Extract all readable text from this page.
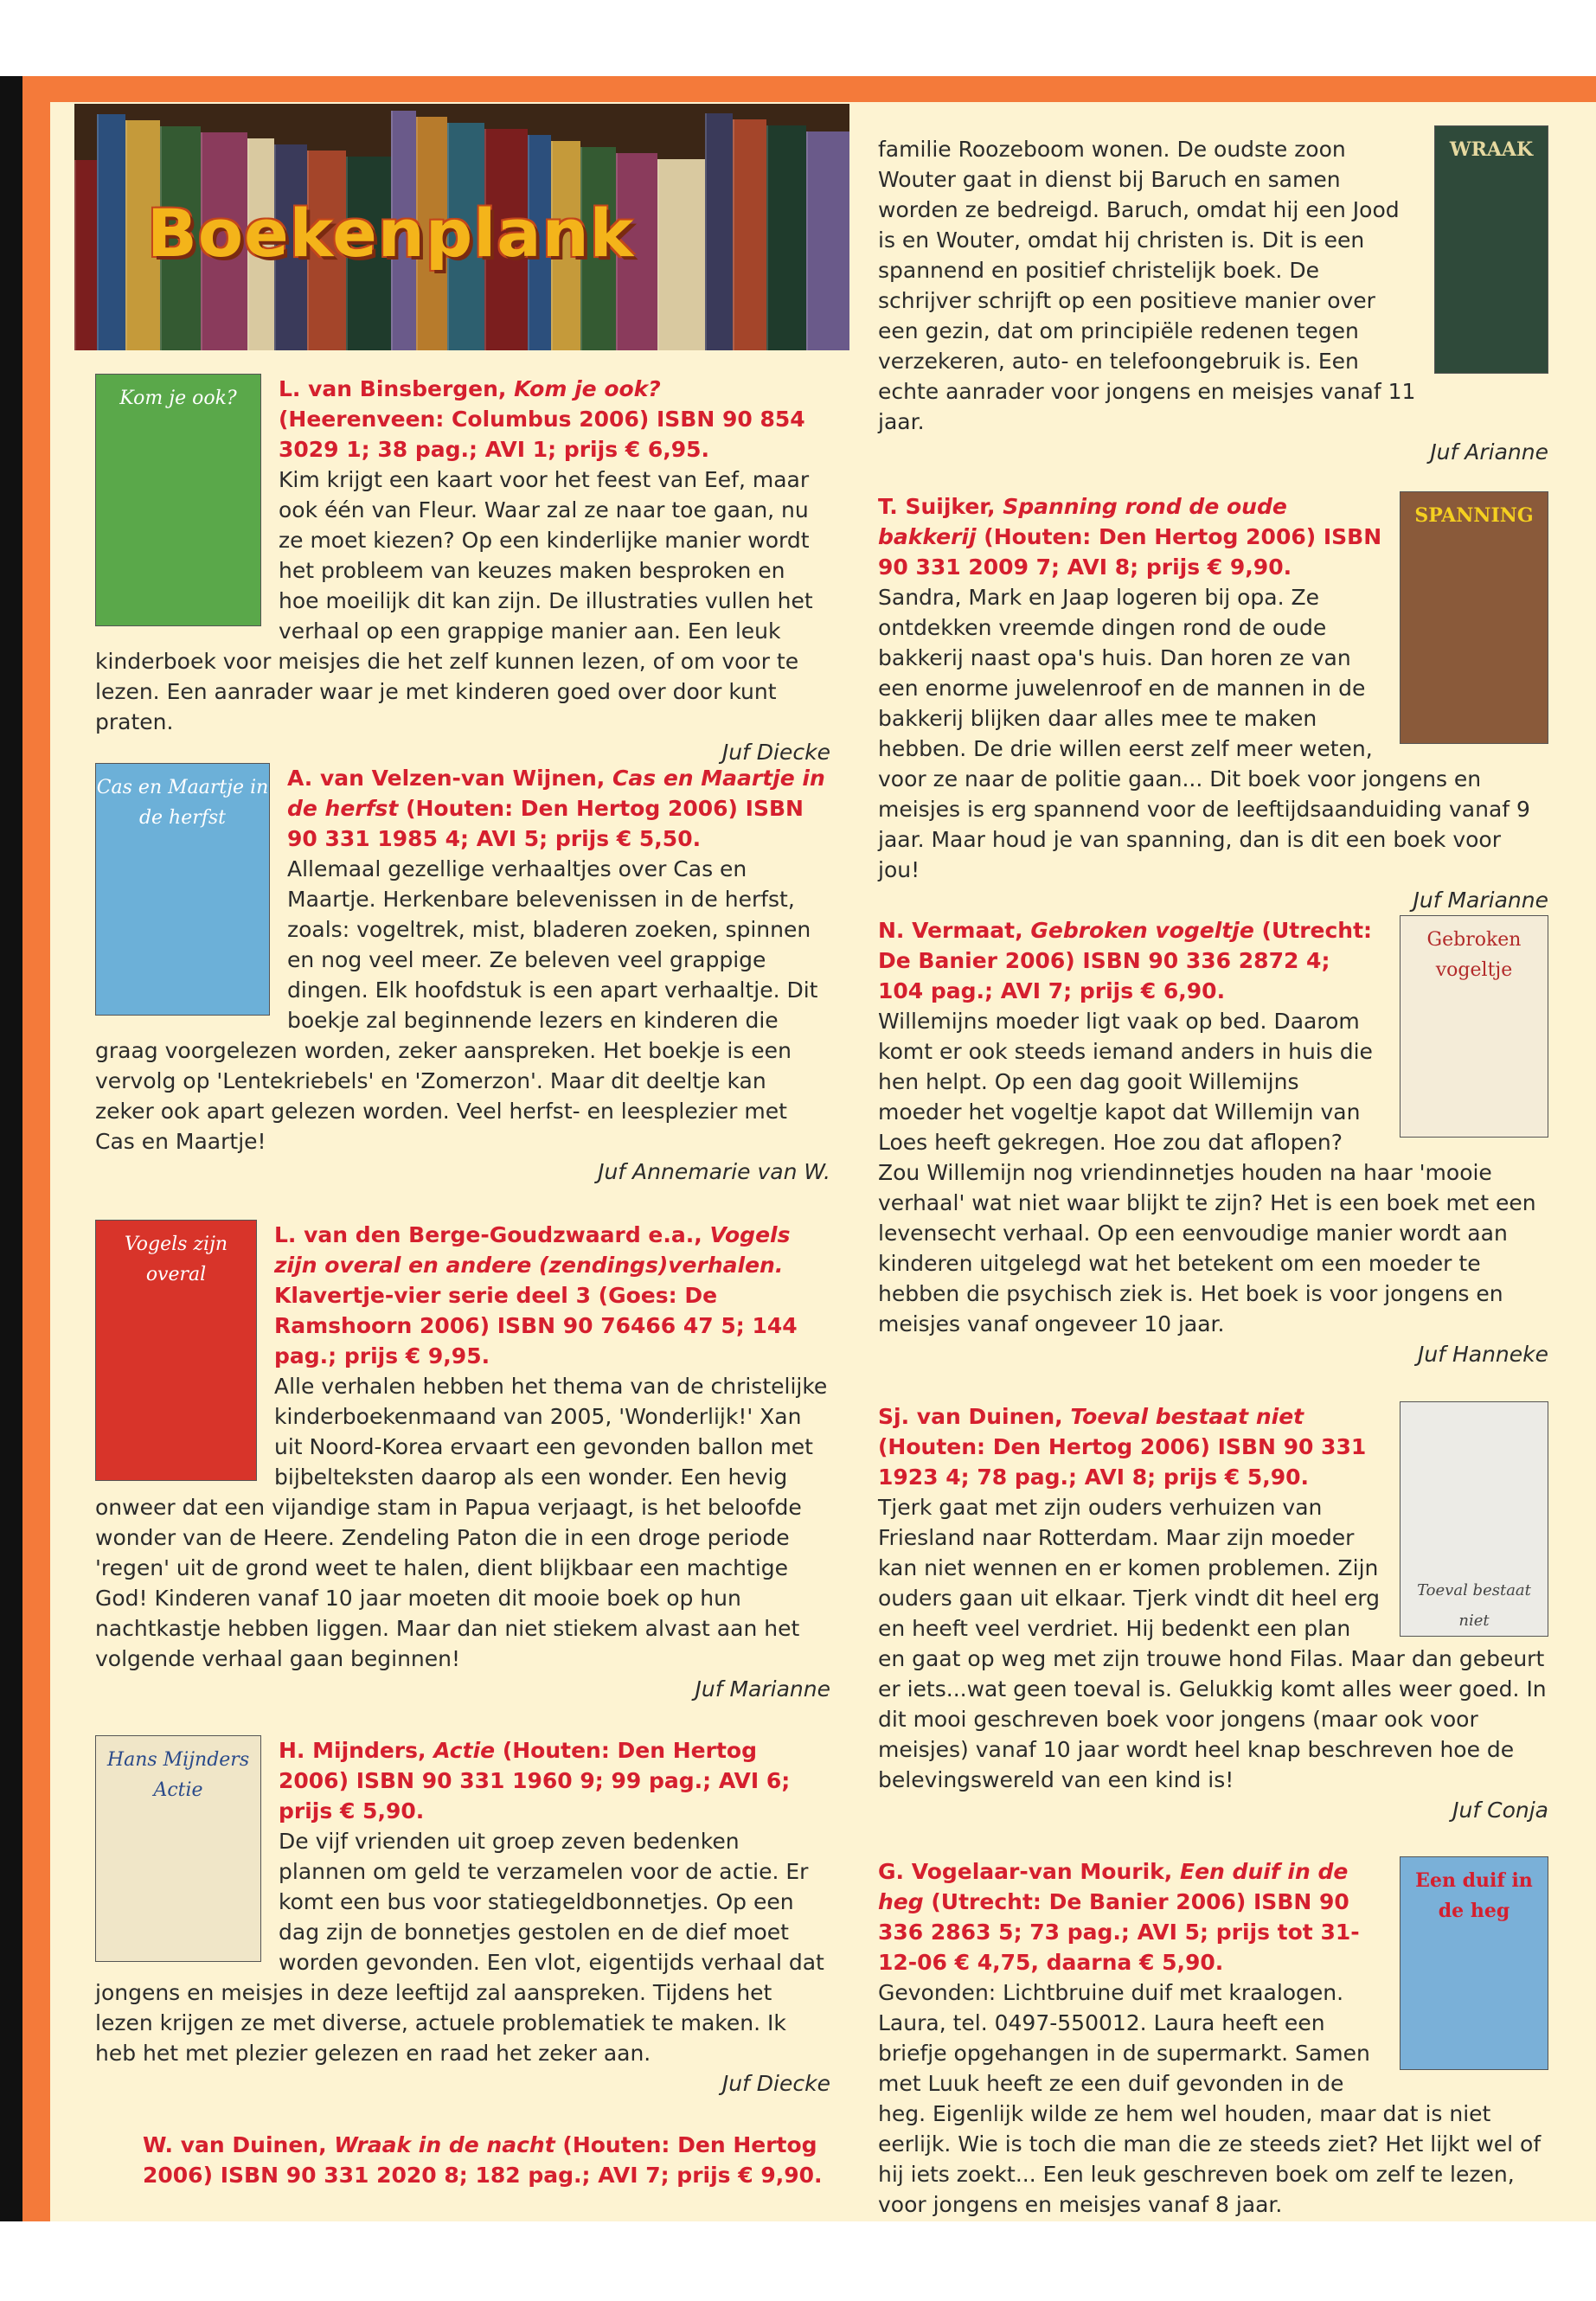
Boekenplank
Kom je ook?	L. van Binsbergen, Kom je ook? (Heerenveen: Columbus 2006) ISBN 90 854 3029 1; 38 pag.; AVI 1; prijs € 6,95.

Kim krijgt een kaart voor het feest van Eef, maar ook één van Fleur. Waar zal ze naar toe gaan, nu ze moet kiezen? Op een kinderlijke manier wordt het probleem van keuzes maken besproken en hoe moeilijk dit kan zijn. De illustraties vullen het verhaal op een grappige manier aan. Een leuk kinderboek voor meisjes die het zelf kunnen lezen, of om voor te lezen. Een aanrader waar je met kinderen goed over door kunt praten.

Juf Diecke

Cas en Maartje in de herfst

A. van Velzen-van Wijnen, Cas en Maartje in de herfst (Houten: Den Hertog 2006) ISBN 90 331 1985 4; AVI 5; prijs € 5,50.

Allemaal gezellige verhaaltjes over Cas en Maartje. Herkenbare belevenissen in de herfst, zoals: vogeltrek, mist, bladeren zoeken, spinnen en nog veel meer. Ze beleven veel grappige dingen. Elk hoofdstuk is een apart verhaaltje. Dit boekje zal beginnende lezers en kinderen die graag voorgelezen worden, zeker aanspreken. Het boekje is een vervolg op 'Lentekriebels' en 'Zomerzon'. Maar dit deeltje kan zeker ook apart gelezen worden. Veel herfst- en leesplezier met Cas en Maartje!

Juf Annemarie van W.

Vogels zijn overal

L. van den Berge-Goudzwaard e.a., Vogels zijn overal en andere (zendings)verhalen. Klavertje-vier serie deel 3 (Goes: De Ramshoorn 2006) ISBN 90 76466 47 5; 144 pag.; prijs € 9,95.

Alle verhalen hebben het thema van de christelijke kinderboekenmaand van 2005, 'Wonderlijk!' Xan uit Noord-Korea ervaart een gevonden ballon met bijbelteksten daarop als een wonder. Een hevig onweer dat een vijandige stam in Papua verjaagt, is het beloofde wonder van de Heere. Zendeling Paton die in een droge periode 'regen' uit de grond weet te halen, dient blijkbaar een machtige God! Kinderen vanaf 10 jaar moeten dit mooie boek op hun nachtkastje hebben liggen. Maar dan niet stiekem alvast aan het volgende verhaal gaan beginnen!

Juf Marianne

Hans Mijnders Actie

H. Mijnders, Actie (Houten: Den Hertog 2006) ISBN 90 331 1960 9; 99 pag.; AVI 6; prijs € 5,90.

De vijf vrienden uit groep zeven bedenken plannen om geld te verzamelen voor de actie. Er komt een bus voor statiegeldbonnetjes. Op een dag zijn de bonnetjes gestolen en de dief moet worden gevonden. Een vlot, eigentijds verhaal dat jongens en meisjes in deze leeftijd zal aanspreken. Tijdens het lezen krijgen ze met diverse, actuele problematiek te maken. Ik heb het met plezier gelezen en raad het zeker aan.

Juf Diecke

W. van Duinen, Wraak in de nacht (Houten: Den Hertog 2006) ISBN 90 331 2020 8; 182 pag.; AVI 7; prijs € 9,90.

WRAAK

familie Roozeboom wonen. De oudste zoon Wouter gaat in dienst bij Baruch en samen worden ze bedreigd. Baruch, omdat hij een Jood is en Wouter, omdat hij christen is. Dit is een spannend en positief christelijk boek. De schrijver schrijft op een positieve manier over een gezin, dat om principiële redenen tegen verzekeren, auto- en telefoongebruik is. Een echte aanrader voor jongens en meisjes vanaf 11 jaar.

Juf Arianne

SPANNING

T. Suijker, Spanning rond de oude bakkerij (Houten: Den Hertog 2006) ISBN 90 331 2009 7; AVI 8; prijs € 9,90.

Sandra, Mark en Jaap logeren bij opa. Ze ontdekken vreemde dingen rond de oude bakkerij naast opa's huis. Dan horen ze van een enorme juwelenroof en de mannen in de bakkerij blijken daar alles mee te maken hebben. De drie willen eerst zelf meer weten, voor ze naar de politie gaan... Dit boek voor jongens en meisjes is erg spannend voor de leeftijdsaanduiding vanaf 9 jaar. Maar houd je van spanning, dan is dit een boek voor jou!

Juf Marianne

Gebroken vogeltje

N. Vermaat, Gebroken vogeltje (Utrecht: De Banier 2006) ISBN 90 336 2872 4; 104 pag.; AVI 7; prijs € 6,90.

Willemijns moeder ligt vaak op bed. Daarom komt er ook steeds iemand anders in huis die hen helpt. Op een dag gooit Willemijns moeder het vogeltje kapot dat Willemijn van Loes heeft gekregen. Hoe zou dat aflopen? Zou Willemijn nog vriendinnetjes houden na haar 'mooie verhaal' wat niet waar blijkt te zijn? Het is een boek met een levensecht verhaal. Op een eenvoudige manier wordt aan kinderen uitgelegd wat het betekent om een moeder te hebben die psychisch ziek is. Het boek is voor jongens en meisjes vanaf ongeveer 10 jaar.

Juf Hanneke

Toeval bestaat niet

Sj. van Duinen, Toeval bestaat niet (Houten: Den Hertog 2006) ISBN 90 331 1923 4; 78 pag.; AVI 8; prijs € 5,90.

Tjerk gaat met zijn ouders verhuizen van Friesland naar Rotterdam. Maar zijn moeder kan niet wennen en er komen problemen. Zijn ouders gaan uit elkaar. Tjerk vindt dit heel erg en heeft veel verdriet. Hij bedenkt een plan en gaat op weg met zijn trouwe hond Filas. Maar dan gebeurt er iets...wat geen toeval is. Gelukkig komt alles weer goed. In dit mooi geschreven boek voor jongens (maar ook voor meisjes) vanaf 10 jaar wordt heel knap beschreven hoe de belevingswereld van een kind is!

Juf Conja

Een duif in de heg

G. Vogelaar-van Mourik, Een duif in de heg (Utrecht: De Banier 2006) ISBN 90 336 2863 5; 73 pag.; AVI 5; prijs tot 31-12-06 € 4,75, daarna € 5,90.

Gevonden: Lichtbruine duif met kraalogen. Laura, tel. 0497-550012. Laura heeft een briefje opgehangen in de supermarkt. Samen met Luuk heeft ze een duif gevonden in de heg. Eigenlijk wilde ze hem wel houden, maar dat is niet eerlijk. Wie is toch die man die ze steeds ziet? Het lijkt wel of hij iets zoekt... Een leuk geschreven boek om zelf te lezen, voor jongens en meisjes vanaf 8 jaar.
